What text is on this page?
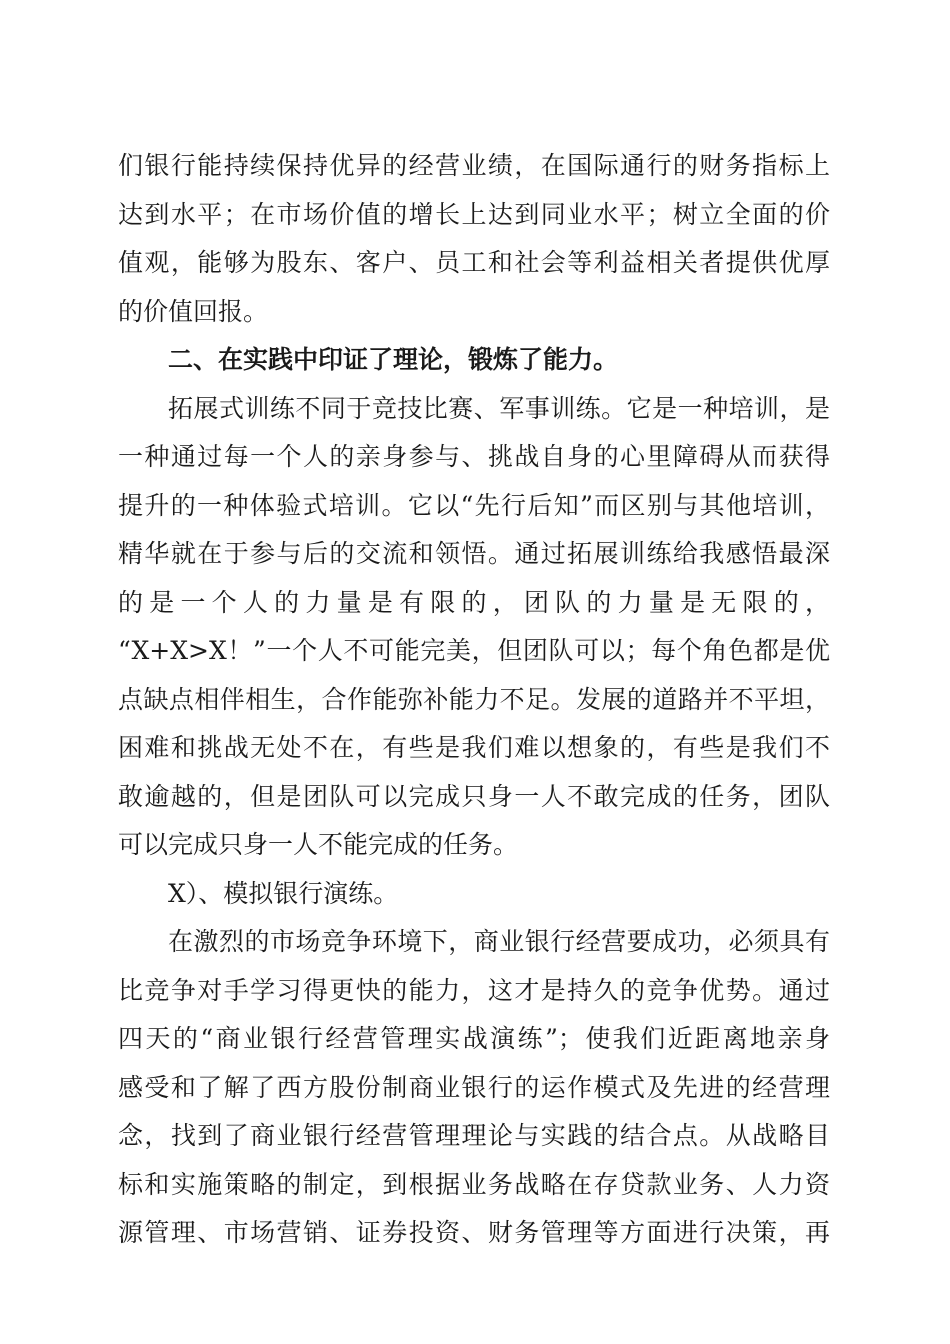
们银行能持续保持优异的经营业绩，在国际通行的财务指标上
达到水平；在市场价值的增长上达到同业水平；树立全面的价
值观，能够为股东、客户、员工和社会等利益相关者提供优厚
的价值回报。
二、在实践中印证了理论，锻炼了能力。
拓展式训练不同于竞技比赛、军事训练。它是一种培训，是
一种通过每一个人的亲身参与、挑战自身的心里障碍从而获得
提升的一种体验式培训。它以“先行后知”而区别与其他培训，
精华就在于参与后的交流和领悟。通过拓展训练给我感悟最深
的是一个人的力量是有限的，团队的力量是无限的，
“X+X>X！”一个人不可能完美，但团队可以；每个角色都是优
点缺点相伴相生，合作能弥补能力不足。发展的道路并不平坦，
困难和挑战无处不在，有些是我们难以想象的，有些是我们不
敢逾越的，但是团队可以完成只身一人不敢完成的任务，团队
可以完成只身一人不能完成的任务。
X）、模拟银行演练。
在激烈的市场竞争环境下，商业银行经营要成功，必须具有
比竞争对手学习得更快的能力，这才是持久的竞争优势。通过
四天的“商业银行经营管理实战演练”；使我们近距离地亲身
感受和了解了西方股份制商业银行的运作模式及先进的经营理
念，找到了商业银行经营管理理论与实践的结合点。从战略目
标和实施策略的制定，到根据业务战略在存贷款业务、人力资
源管理、市场营销、证券投资、财务管理等方面进行决策，再
